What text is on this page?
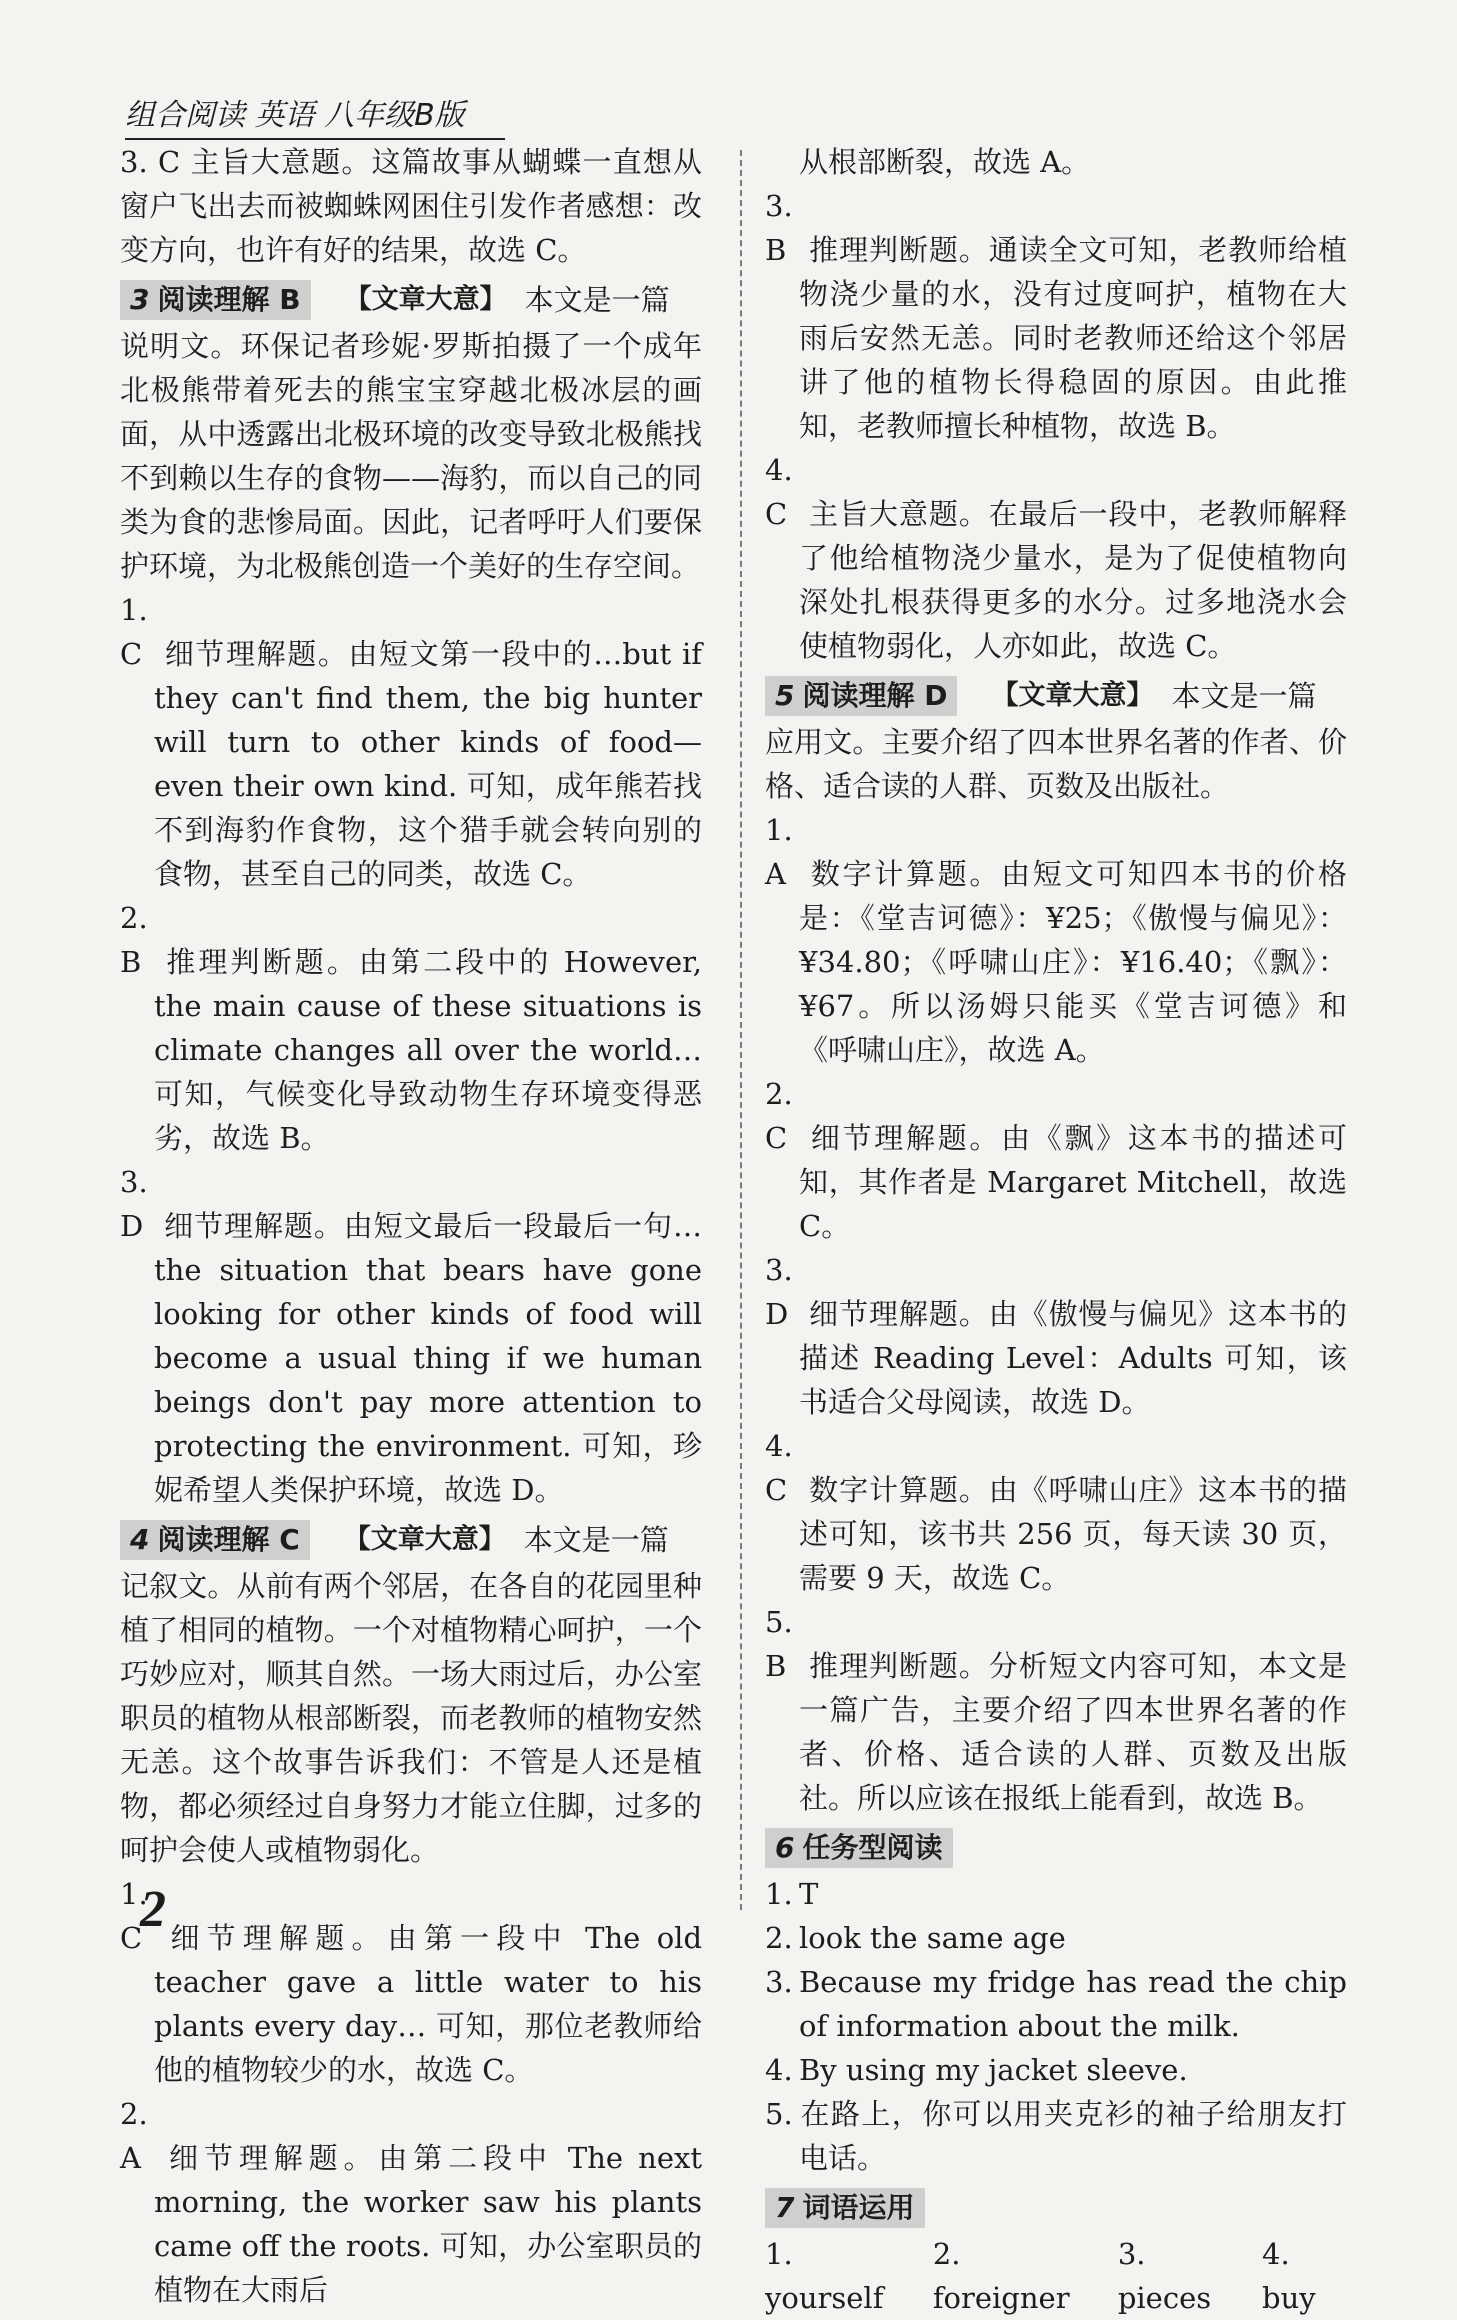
组合阅读 英语 八年级B版

3. C 主旨大意题。这篇故事从蝴蝶一直想从窗户飞出去而被蜘蛛网困住引发作者感想：改变方向，也许有好的结果，故选 C。

3 阅读理解 B	【文章大意】 本文是一篇

说明文。环保记者珍妮·罗斯拍摄了一个成年北极熊带着死去的熊宝宝穿越北极冰层的画面，从中透露出北极环境的改变导致北极熊找不到赖以生存的食物——海豹，而以自己的同类为食的悲惨局面。因此，记者呼吁人们要保护环境，为北极熊创造一个美好的生存空间。

1. C 细节理解题。由短文第一段中的…but if they can't find them, the big hunter will turn to other kinds of food—even their own kind. 可知，成年熊若找不到海豹作食物，这个猎手就会转向别的食物，甚至自己的同类，故选 C。

2. B 推理判断题。由第二段中的 However, the main cause of these situations is climate changes all over the world… 可知，气候变化导致动物生存环境变得恶劣，故选 B。

3. D 细节理解题。由短文最后一段最后一句… the situation that bears have gone looking for other kinds of food will become a usual thing if we human beings don't pay more attention to protecting the environment. 可知，珍妮希望人类保护环境，故选 D。

4 阅读理解 C	【文章大意】 本文是一篇

记叙文。从前有两个邻居，在各自的花园里种植了相同的植物。一个对植物精心呵护，一个巧妙应对，顺其自然。一场大雨过后，办公室职员的植物从根部断裂，而老教师的植物安然无恙。这个故事告诉我们：不管是人还是植物，都必须经过自身努力才能立住脚，过多的呵护会使人或植物弱化。

1. C 细节理解题。由第一段中 The old teacher gave a little water to his plants every day… 可知，那位老教师给他的植物较少的水，故选 C。

2. A 细节理解题。由第二段中 The next morning, the worker saw his plants came off the roots. 可知，办公室职员的植物在大雨后

从根部断裂，故选 A。

3. B 推理判断题。通读全文可知，老教师给植物浇少量的水，没有过度呵护，植物在大雨后安然无恙。同时老教师还给这个邻居讲了他的植物长得稳固的原因。由此推知，老教师擅长种植物，故选 B。

4. C 主旨大意题。在最后一段中，老教师解释了他给植物浇少量水，是为了促使植物向深处扎根获得更多的水分。过多地浇水会使植物弱化，人亦如此，故选 C。

5 阅读理解 D	【文章大意】 本文是一篇

应用文。主要介绍了四本世界名著的作者、价格、适合读的人群、页数及出版社。

1. A 数字计算题。由短文可知四本书的价格是：《堂吉诃德》：¥25；《傲慢与偏见》：¥34.80；《呼啸山庄》：¥16.40；《飘》：¥67。所以汤姆只能买《堂吉诃德》和《呼啸山庄》，故选 A。

2. C 细节理解题。由《飘》这本书的描述可知，其作者是 Margaret Mitchell，故选 C。

3. D 细节理解题。由《傲慢与偏见》这本书的描述 Reading Level：Adults 可知，该书适合父母阅读，故选 D。

4. C 数字计算题。由《呼啸山庄》这本书的描述可知，该书共 256 页，每天读 30 页，需要 9 天，故选 C。

5. B 推理判断题。分析短文内容可知，本文是一篇广告，主要介绍了四本世界名著的作者、价格、适合读的人群、页数及出版社。所以应该在报纸上能看到，故选 B。

6 任务型阅读

1. T

2. look the same age

3. Because my fridge has read the chip of information about the milk.

4. By using my jacket sleeve.

5. 在路上，你可以用夹克衫的袖子给朋友打电话。

7 词语运用
1. yourself
2. foreigner
3. pieces
4. buy
2
